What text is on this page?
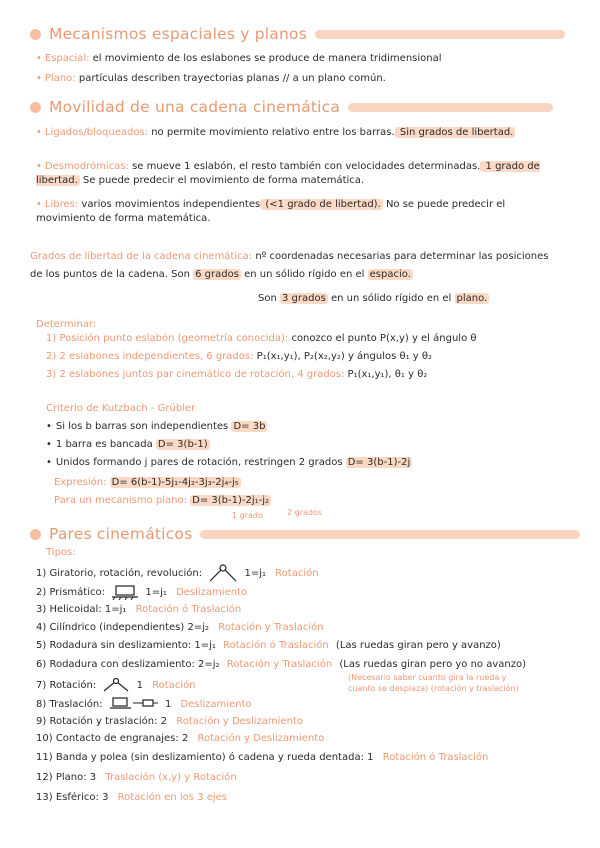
Mecanismos espaciales y planos
• Espacial: el movimiento de los eslabones se produce de manera tridimensional
• Plano: partículas describen trayectorias planas // a un plano común.
Movilidad de una cadena cinemática
• Ligados/bloqueados: no permite movimiento relativo entre los barras. Sin grados de libertad.
• Desmodrómicas: se mueve 1 eslabón, el resto también con velocidades determinadas. 1 grado de libertad. Se puede predecir el movimiento de forma matemática.
• Libres: varios movimientos independientes (<1 grado de libertad). No se puede predecir el movimiento de forma matemática.
Grados de libertad de la cadena cinemática: nº coordenadas necesarias para determinar las posiciones de los puntos de la cadena. Son 6 grados en un sólido rígido en el espacio.
Son 3 grados en un sólido rígido en el plano.
Determinar:
1) Posición punto eslabón (geometría conocida): conozco el punto P(x,y) y el ángulo θ
2) 2 eslabones independientes, 6 grados: P₁(x₁,y₁), P₂(x₂,y₂) y ángulos θ₁ y θ₂
3) 2 eslabones juntos par cinemático de rotación, 4 grados: P₁(x₁,y₁), θ₁ y θ₂
Criterio de Kutzbach - Grübler
• Si los b barras son independientes D= 3b
• 1 barra es bancada D= 3(b-1)
• Unidos formando j pares de rotación, restringen 2 grados D= 3(b-1)-2j
Expresión: D= 6(b-1)-5j₁-4j₂-3j₃-2j₄-j₅
Para un mecanismo plano: D= 3(b-1)-2j₁-j₂
1 grado	2 grados
Pares cinemáticos
Tipos:
1) Giratorio, rotación, revolución:	1=j₁ Rotación
2) Prismático:	1=j₁ Deslizamiento
3) Helicoidal: 1=j₁ Rotación ó Traslación
4) Cilíndrico (independientes) 2=j₂ Rotación y Traslación
5) Rodadura sin deslizamiento: 1=j₁ Rotación ó Traslación (Las ruedas giran pero y avanzo)
6) Rodadura con deslizamiento: 2=j₂ Rotación y Traslación (Las ruedas giran pero yo no avanzo)
(Necesario saber cuanto gira la rueda y
cuanto se desplaza) (rotación y traslación)
7) Rotación:	1 Rotación
8) Traslación:	1 Deslizamiento
9) Rotación y traslación: 2 Rotación y Deslizamiento
10) Contacto de engranajes: 2 Rotación y Deslizamiento
11) Banda y polea (sin deslizamiento) ó cadena y rueda dentada: 1 Rotación ó Traslación
12) Plano: 3 Traslación (x,y) y Rotación
13) Esférico: 3 Rotación en los 3 ejes
